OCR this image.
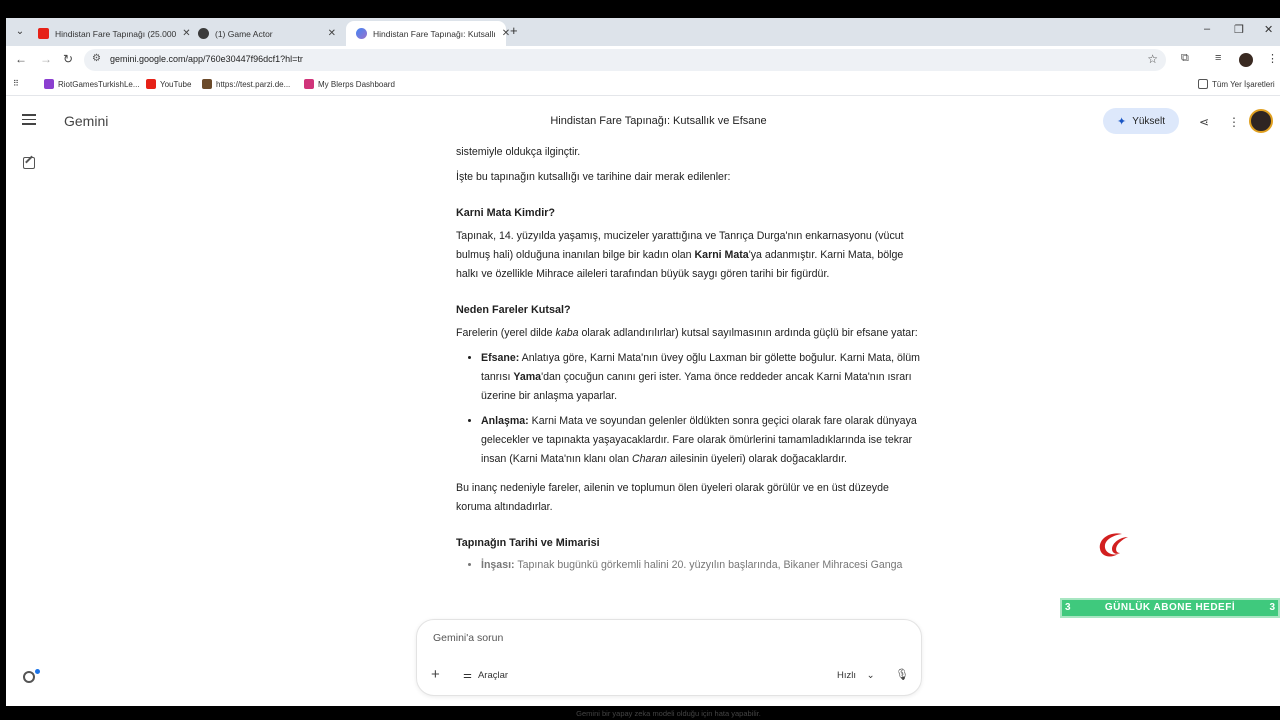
⌄	Hindistan Fare Tapınağı (25.000 ✕	(1) Game Actor	✕	Hindistan Fare Tapınağı: Kutsallı ✕ +	– ❐ ✕
← → ↻ ⚙ gemini.google.com/app/760e30447f96dcf1?hl=tr	☆ ⧉ ≡	⋮
⠿	RiotGamesTurkishLe...	YouTube	https://test.parzi.de...	My Blerps Dashboard	Tüm Yer İşaretleri
Gemini	Hindistan Fare Tapınağı: Kutsallık ve Efsane	✦ Yükselt	⋖ ⋮

sistemiyle oldukça ilginçtir.

İşte bu tapınağın kutsallığı ve tarihine dair merak edilenler:

Karni Mata Kimdir?

Tapınak, 14. yüzyılda yaşamış, mucizeler yarattığına ve Tanrıça Durga'nın enkarnasyonu (vücut bulmuş hali) olduğuna inanılan bilge bir kadın olan Karni Mata'ya adanmıştır. Karni Mata, bölge halkı ve özellikle Mihrace aileleri tarafından büyük saygı gören tarihi bir figürdür.

Neden Fareler Kutsal?

Farelerin (yerel dilde kaba olarak adlandırılırlar) kutsal sayılmasının ardında güçlü bir efsane yatar:

• Efsane: Anlatıya göre, Karni Mata'nın üvey oğlu Laxman bir gölette boğulur. Karni Mata, ölüm tanrısı Yama'dan çocuğun canını geri ister. Yama önce reddeder ancak Karni Mata'nın ısrarı üzerine bir anlaşma yaparlar.
• Anlaşma: Karni Mata ve soyundan gelenler öldükten sonra geçici olarak fare olarak dünyaya gelecekler ve tapınakta yaşayacaklardır. Fare olarak ömürlerini tamamladıklarında ise tekrar insan (Karni Mata'nın klanı olan Charan ailesinin üyeleri) olarak doğacaklardır.

Bu inanç nedeniyle fareler, ailenin ve toplumun ölen üyeleri olarak görülür ve en üst düzeyde koruma altındadırlar.

Tapınağın Tarihi ve Mimarisi
• İnşası: Tapınak bugünkü görkemli halini 20. yüzyılın başlarında, Bikaner Mihracesi Ganga
Gemini'a sorun
+ ⚌ Araçlar	Hızlı ⌄ 🎙
Gemini bir yapay zeka modeli olduğu için hata yapabilir.
3	GÜNLÜK ABONE HEDEFİ	3
